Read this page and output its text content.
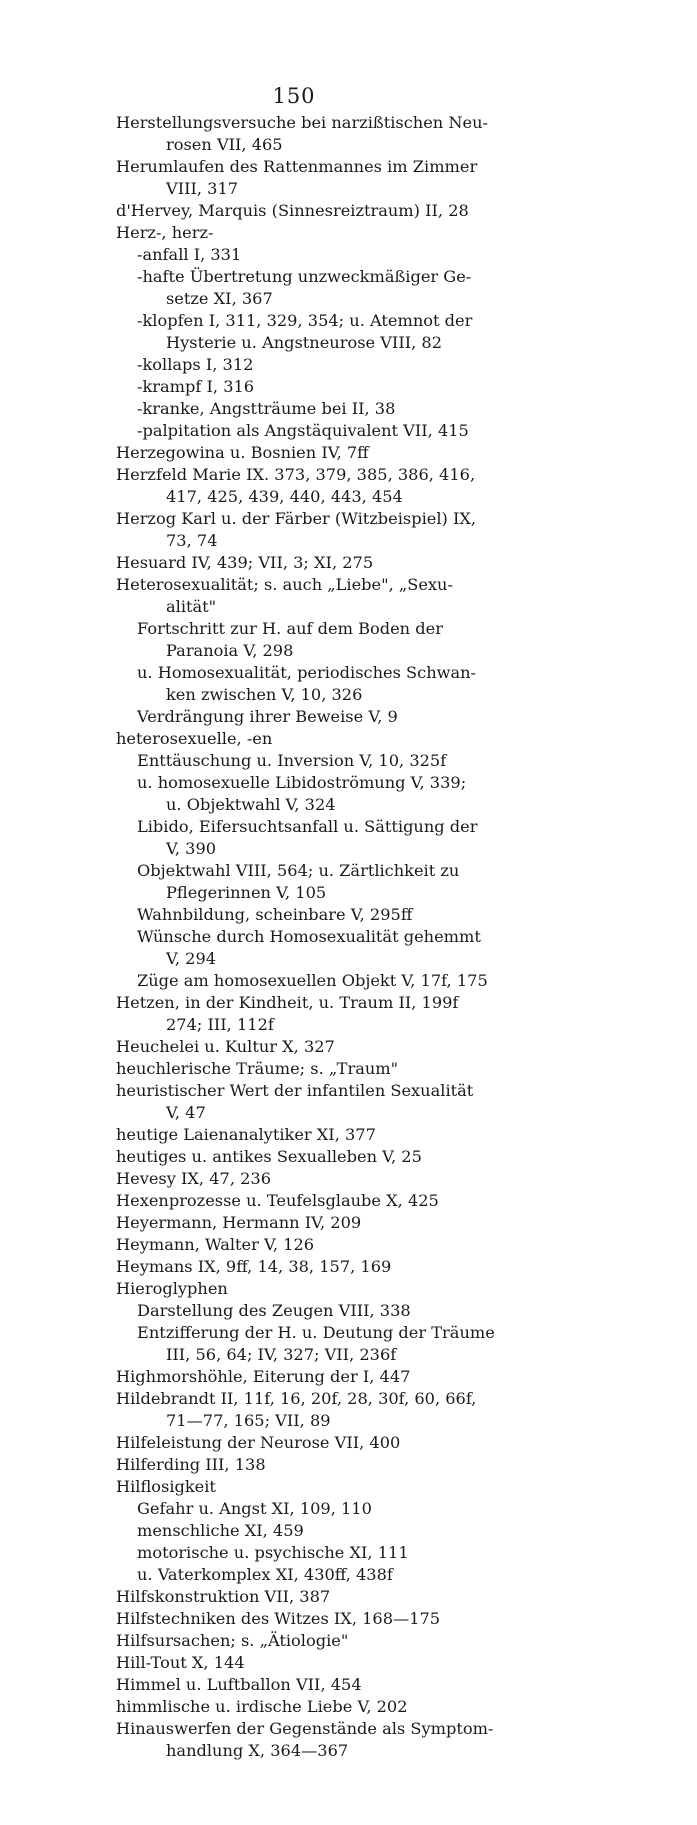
150
Herstellungsversuche bei narzißtischen Neu-
rosen VII, 465
Herumlaufen des Rattenmannes im Zimmer
VIII, 317
d'Hervey, Marquis (Sinnesreiztraum) II, 28
Herz-, herz-
-anfall I, 331
-hafte Übertretung unzweckmäßiger Ge-
setze XI, 367
-klopfen I, 311, 329, 354; u. Atemnot der
Hysterie u. Angstneurose VIII, 82
-kollaps I, 312
-krampf I, 316
-kranke, Angstträume bei II, 38
-palpitation als Angstäquivalent VII, 415
Herzegowina u. Bosnien IV, 7ff
Herzfeld Marie IX. 373, 379, 385, 386, 416,
417, 425, 439, 440, 443, 454
Herzog Karl u. der Färber (Witzbeispiel) IX,
73, 74
Hesuard IV, 439; VII, 3; XI, 275
Heterosexualität; s. auch „Liebe", „Sexu-
alität"
Fortschritt zur H. auf dem Boden der
Paranoia V, 298
u. Homosexualität, periodisches Schwan-
ken zwischen V, 10, 326
Verdrängung ihrer Beweise V, 9
heterosexuelle, -en
Enttäuschung u. Inversion V, 10, 325f
u. homosexuelle Libidoströmung V, 339;
u. Objektwahl V, 324
Libido, Eifersuchtsanfall u. Sättigung der
V, 390
Objektwahl VIII, 564; u. Zärtlichkeit zu
Pflegerinnen V, 105
Wahnbildung, scheinbare V, 295ff
Wünsche durch Homosexualität gehemmt
V, 294
Züge am homosexuellen Objekt V, 17f, 175
Hetzen, in der Kindheit, u. Traum II, 199f
274; III, 112f
Heuchelei u. Kultur X, 327
heuchlerische Träume; s. „Traum"
heuristischer Wert der infantilen Sexualität
V, 47
heutige Laienanalytiker XI, 377
heutiges u. antikes Sexualleben V, 25
Hevesy IX, 47, 236
Hexenprozesse u. Teufelsglaube X, 425
Heyermann, Hermann IV, 209
Heymann, Walter V, 126
Heymans IX, 9ff, 14, 38, 157, 169
Hieroglyphen
Darstellung des Zeugen VIII, 338
Entzifferung der H. u. Deutung der Träume
III, 56, 64; IV, 327; VII, 236f
Highmorshöhle, Eiterung der I, 447
Hildebrandt II, 11f, 16, 20f, 28, 30f, 60, 66f,
71—77, 165; VII, 89
Hilfeleistung der Neurose VII, 400
Hilferding III, 138
Hilflosigkeit
Gefahr u. Angst XI, 109, 110
menschliche XI, 459
motorische u. psychische XI, 111
u. Vaterkomplex XI, 430ff, 438f
Hilfskonstruktion VII, 387
Hilfstechniken des Witzes IX, 168—175
Hilfsursachen; s. „Ätiologie"
Hill-Tout X, 144
Himmel u. Luftballon VII, 454
himmlische u. irdische Liebe V, 202
Hinauswerfen der Gegenstände als Symptom-
handlung X, 364—367
